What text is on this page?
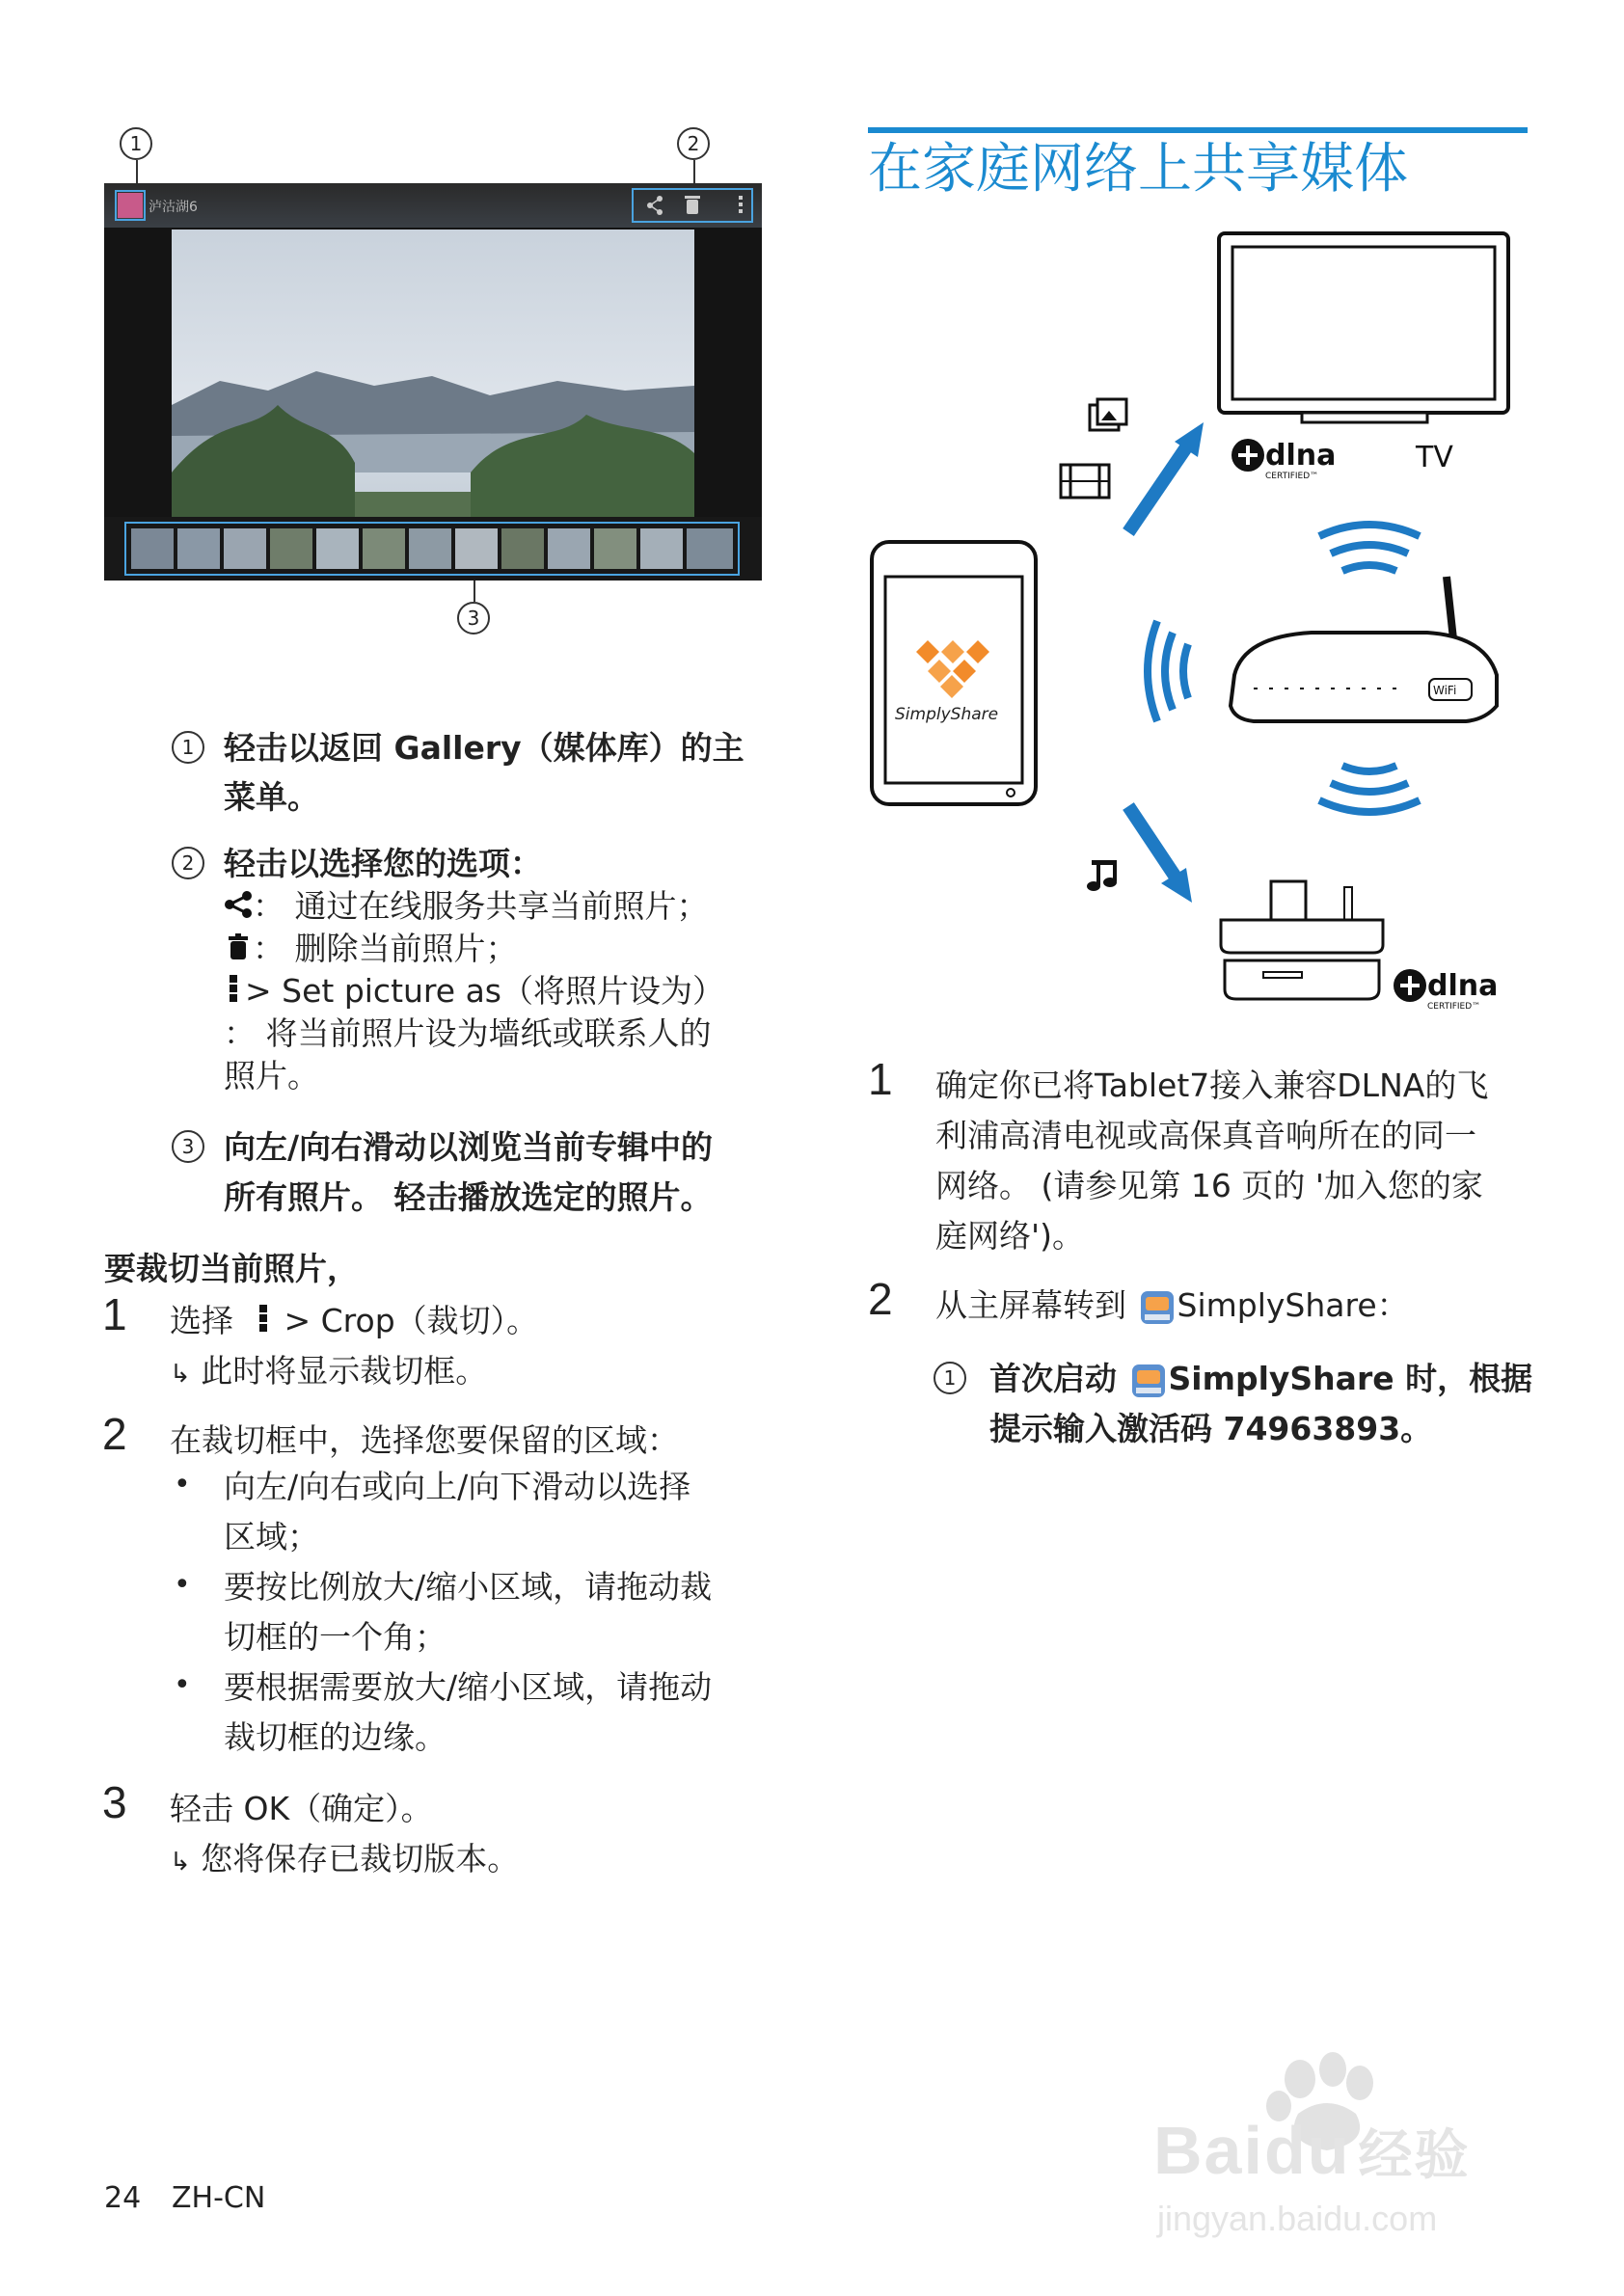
1	2
泸沽湖6
3
1 轻击以返回 Gallery（媒体库）的主菜单。
2 轻击以选择您的选项：
： 通过在线服务共享当前照片；
： 删除当前照片；
> Set picture as（将照片设为）
： 将当前照片设为墙纸或联系人的
照片。
3 向左/向右滑动以浏览当前专辑中的
所有照片。 轻击播放选定的照片。
要裁切当前照片，
1 选择 > Crop（裁切）。
↳ 此时将显示裁切框。
2 在裁切框中，选择您要保留的区域：
• 向左/向右或向上/向下滑动以选择
区域；
• 要按比例放大/缩小区域，请拖动裁
切框的一个角；
• 要根据需要放大/缩小区域，请拖动
裁切框的边缘。
3 轻击 OK（确定）。
↳ 您将保存已裁切版本。
24 ZH-CN
在家庭网络上共享媒体
dlna
CERTIFIED™
TV
WiFi
SimplyShare
dlna
CERTIFIED™
1 确定你已将Tablet7接入兼容DLNA的飞
利浦高清电视或高保真音响所在的同一
网络。 (请参见第 16 页的 '加入您的家
庭网络')。
2 从主屏幕转到 SimplyShare：
1	首次启动 SimplyShare 时，根据
提示输入激活码 74963893。
Baidu 经验
jingyan.baidu.com
